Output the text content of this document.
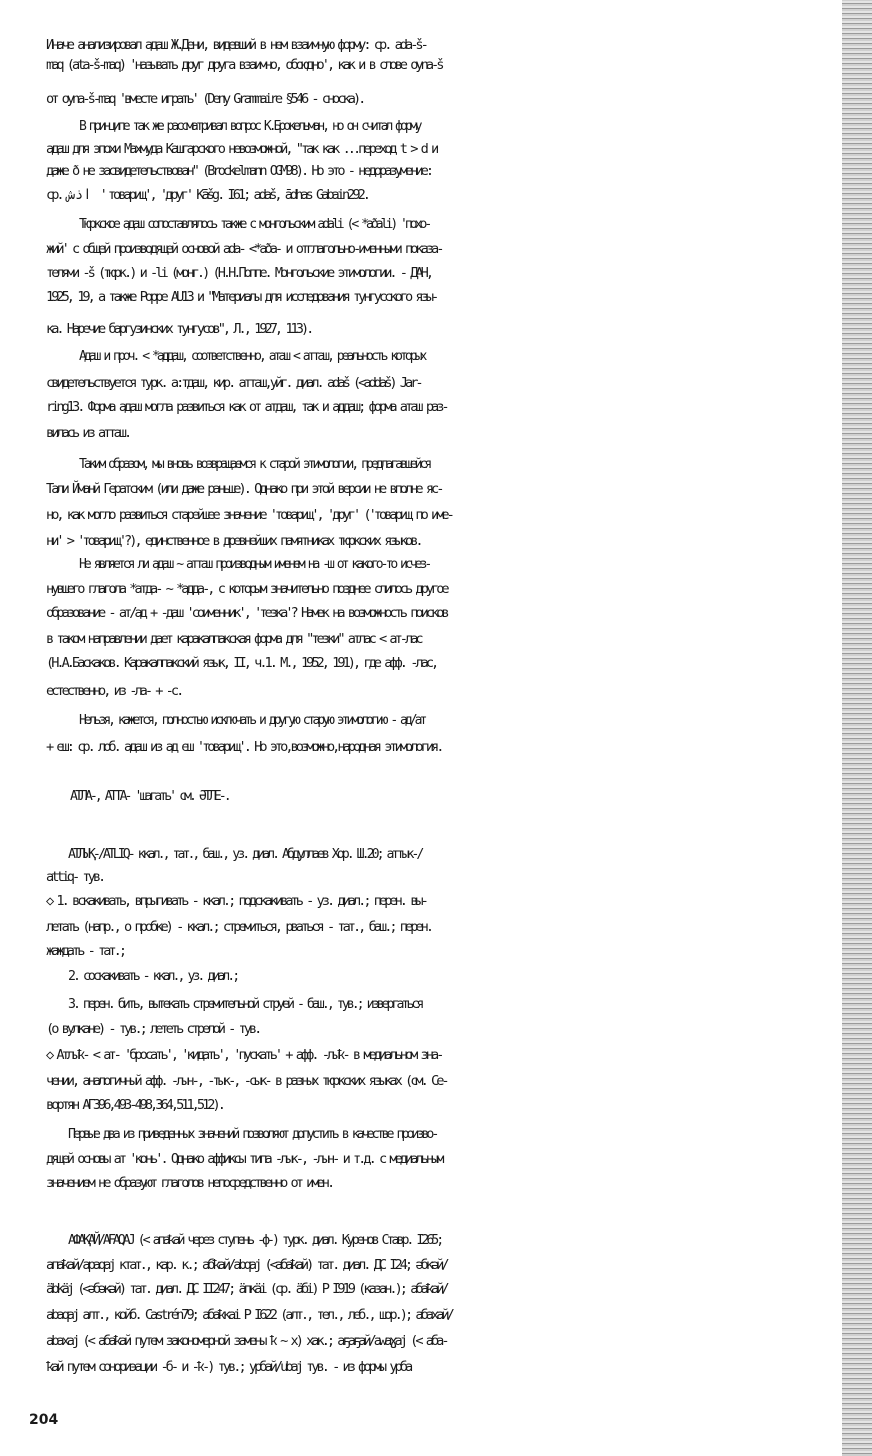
Иначе анализировал адаш Ж.Дени, видевший в нем взаимную форму: ср. ada-š-
maq (ata-š-maq) 'называть друг друга взаимно, обоюдно', как и в слове oyna-š
от oyna-š-maq 'вместе играть' (Deny Grammaire §546 - сноска).
В принципе так же рассматривал вопрос К.Брокельман, но он считал форму
адаш для эпохи Махмуда Кашгарского невозможной, "так как ...переход t > d и
даже ð не засвидетельствован" (Brockelmann OGM98). Но это - недоразумение:
ср. اذش 'товарищ', 'друг' Kāšg. I61; adaš, ādhas Gabain292.
Тюркское адаш сопоставлялось также с монгольским adali (< *aðali) 'похо-
жий' с общей производящей основой ada- <*aða- и отглагольно-именными показа-
телями -š (тюрк.) и -li (монг.) (Н.Н.Поппе. Монгольские этимологии. - ДАН,
1925, 19, а также Poppe AU13 и "Материалы для исследования тунгусского язы-
ка. Наречие баргузинских тунгусов", Л., 1927, 113).
Адаш и проч. < *аддаш, соответственно, аташ < атташ, реальность которых
свидетельствуется турк. а:тдаш, кир. атташ,уйг. диал. adaš (<addaš) Jar-
ring13. Форма адаш могла развиться как от атдаш, так и аддаш; форма аташ раз-
вилась из атташ.
Таким образом, мы вновь возвращаемся к старой этимологии, предлагавшейся
Тали Йманй Гератским (или даже раньше). Однако при этой версии не вполне яс-
но, как могло развиться старейшее значение 'товарищ', 'друг' ('товарищ по име-
ни' > 'товарищ'?), единственное в древнейших памятниках тюркских языков.
Не является ли адаш ~ атташ производным именем на -ш от какого-то исчез-
нувшего глагола *атда- ~ *адда-, с которым значительно позднее слилось другое
образование - ат/ад + -даш 'соименник', 'тезка'? Намек на возможность поисков
в таком направлении дает каракалпакская форма для "тезки" атлас < ат-лас
(Н.А.Баскаков. Каракалпакский язык, II, ч.1. М., 1952, 191), где афф. -лас,
естественно, из -ла- + -с.
Нельзя, кажется, полностью исключать и другую старую этимологию - ад/ат
+ еш: ср. лоб. адаш из ад еш 'товарищ'. Но это,возможно,народная этимология.
АТЛА-, АТТА- 'шагать' см. ӘТЛЕ-.
АТЛЫҚ-/ATLIQ- ккал., тат., баш., уз. диал. Абдуллаев Хор. Ш.20; аттык-/
attiq- тув.
◇ 1. вскакивать, впрыгивать - ккал.; подскакивать - уз. диал.; перен. вы-
летать (напр., о пробке) - ккал.; стремиться, рваться - тат., баш.; перен.
жаждать - тат.;
2. соскакивать - ккал., уз. диал.;
3. перен. бить, вытекать стремительной струей - баш., тув.; извергаться
(о вулкане) - тув.; лететь стрелой - тув.
◇ Атлыҟ- < ат- 'бросать', 'кидать', 'пускать' + афф. -лыҟ- в медиальном зна-
чении, аналогичный афф. -лын-, -тык-, -сык- в разных тюркских языках (см. Се-
вортян АГ396,493-498,364,511,512).
Первые два из приведенных значений позволяют допустить в качестве произво-
дящей основы ат 'конь'. Однако аффиксы типа -лык-, -лын- и т.д. с медиальным
значением не образуют глаголов непосредственно от имен.
АФАҚАЙ/AFAQAJ (< апаҟай через ступень -ф-) турк. диал. Куренов Ставр. I265;
апаҟай/apaqaj ктат., кар. к.; абҟай/abqaj (<абаҟай) тат. диал. ДС I24; әбкәй/
äbkäj (<әбәкәй) тат. диал. ДС II247; äпкäi (ср. äбі) Р I919 (казан.); абаҟай/
abaqaj алт., койб. Castrén79; абаҟкаі Р I622 (алт., тел., леб., шор.); абахай/
abaxaj (< абаҟай путем закономерной замены ҟ ~ х) хак.; аҕаҕай/awaɣaj (< аба-
ҟай путем сонориэации -б- и -ҟ-) тув.; урбай/ubaj тув. - из формы урба
204
